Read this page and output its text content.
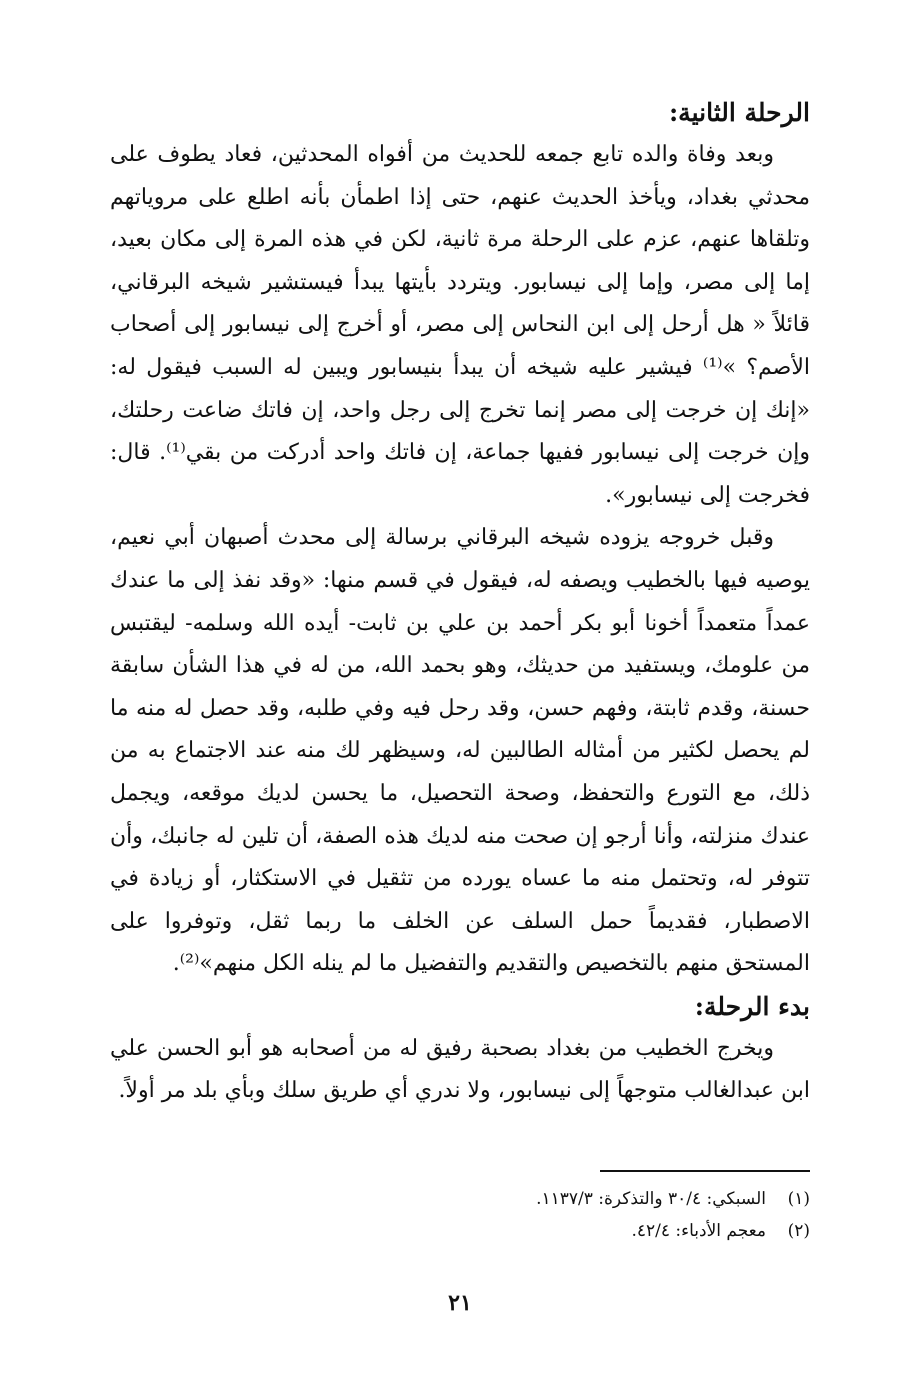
الرحلة الثانية:

وبعد وفاة والده تابع جمعه للحديث من أفواه المحدثين، فعاد يطوف على محدثي بغداد، ويأخذ الحديث عنهم، حتى إذا اطمأن بأنه اطلع على مروياتهم وتلقاها عنهم، عزم على الرحلة مرة ثانية، لكن في هذه المرة إلى مكان بعيد، إما إلى مصر، وإما إلى نيسابور. ويتردد بأيتها يبدأ فيستشير شيخه البرقاني، قائلاً « هل أرحل إلى ابن النحاس إلى مصر، أو أخرج إلى نيسابور إلى أصحاب الأصم؟ »⁽¹⁾ فيشير عليه شيخه أن يبدأ بنيسابور ويبين له السبب فيقول له: «إنك إن خرجت إلى مصر إنما تخرج إلى رجل واحد، إن فاتك ضاعت رحلتك، وإن خرجت إلى نيسابور ففيها جماعة، إن فاتك واحد أدركت من بقي⁽¹⁾. قال: فخرجت إلى نيسابور».

وقبل خروجه يزوده شيخه البرقاني برسالة إلى محدث أصبهان أبي نعيم، يوصيه فيها بالخطيب ويصفه له، فيقول في قسم منها: «وقد نفذ إلى ما عندك عمداً متعمداً أخونا أبو بكر أحمد بن علي بن ثابت- أيده الله وسلمه- ليقتبس من علومك، ويستفيد من حديثك، وهو بحمد الله، من له في هذا الشأن سابقة حسنة، وقدم ثابتة، وفهم حسن، وقد رحل فيه وفي طلبه، وقد حصل له منه ما لم يحصل لكثير من أمثاله الطالبين له، وسيظهر لك منه عند الاجتماع به من ذلك، مع التورع والتحفظ، وصحة التحصيل، ما يحسن لديك موقعه، ويجمل عندك منزلته، وأنا أرجو إن صحت منه لديك هذه الصفة، أن تلين له جانبك، وأن تتوفر له، وتحتمل منه ما عساه يورده من تثقيل في الاستكثار، أو زيادة في الاصطبار، فقديماً حمل السلف عن الخلف ما ربما ثقل، وتوفروا على المستحق منهم بالتخصيص والتقديم والتفضيل ما لم ينله الكل منهم»⁽²⁾.

بدء الرحلة:

ويخرج الخطيب من بغداد بصحبة رفيق له من أصحابه هو أبو الحسن علي ابن عبدالغالب متوجهاً إلى نيسابور، ولا ندري أي طريق سلك وبأي بلد مر أولاً.

(١)السبكي: ٣٠/٤ والتذكرة: ١١٣٧/٣.
(٢)معجم الأدباء: ٤٢/٤.
٢١
